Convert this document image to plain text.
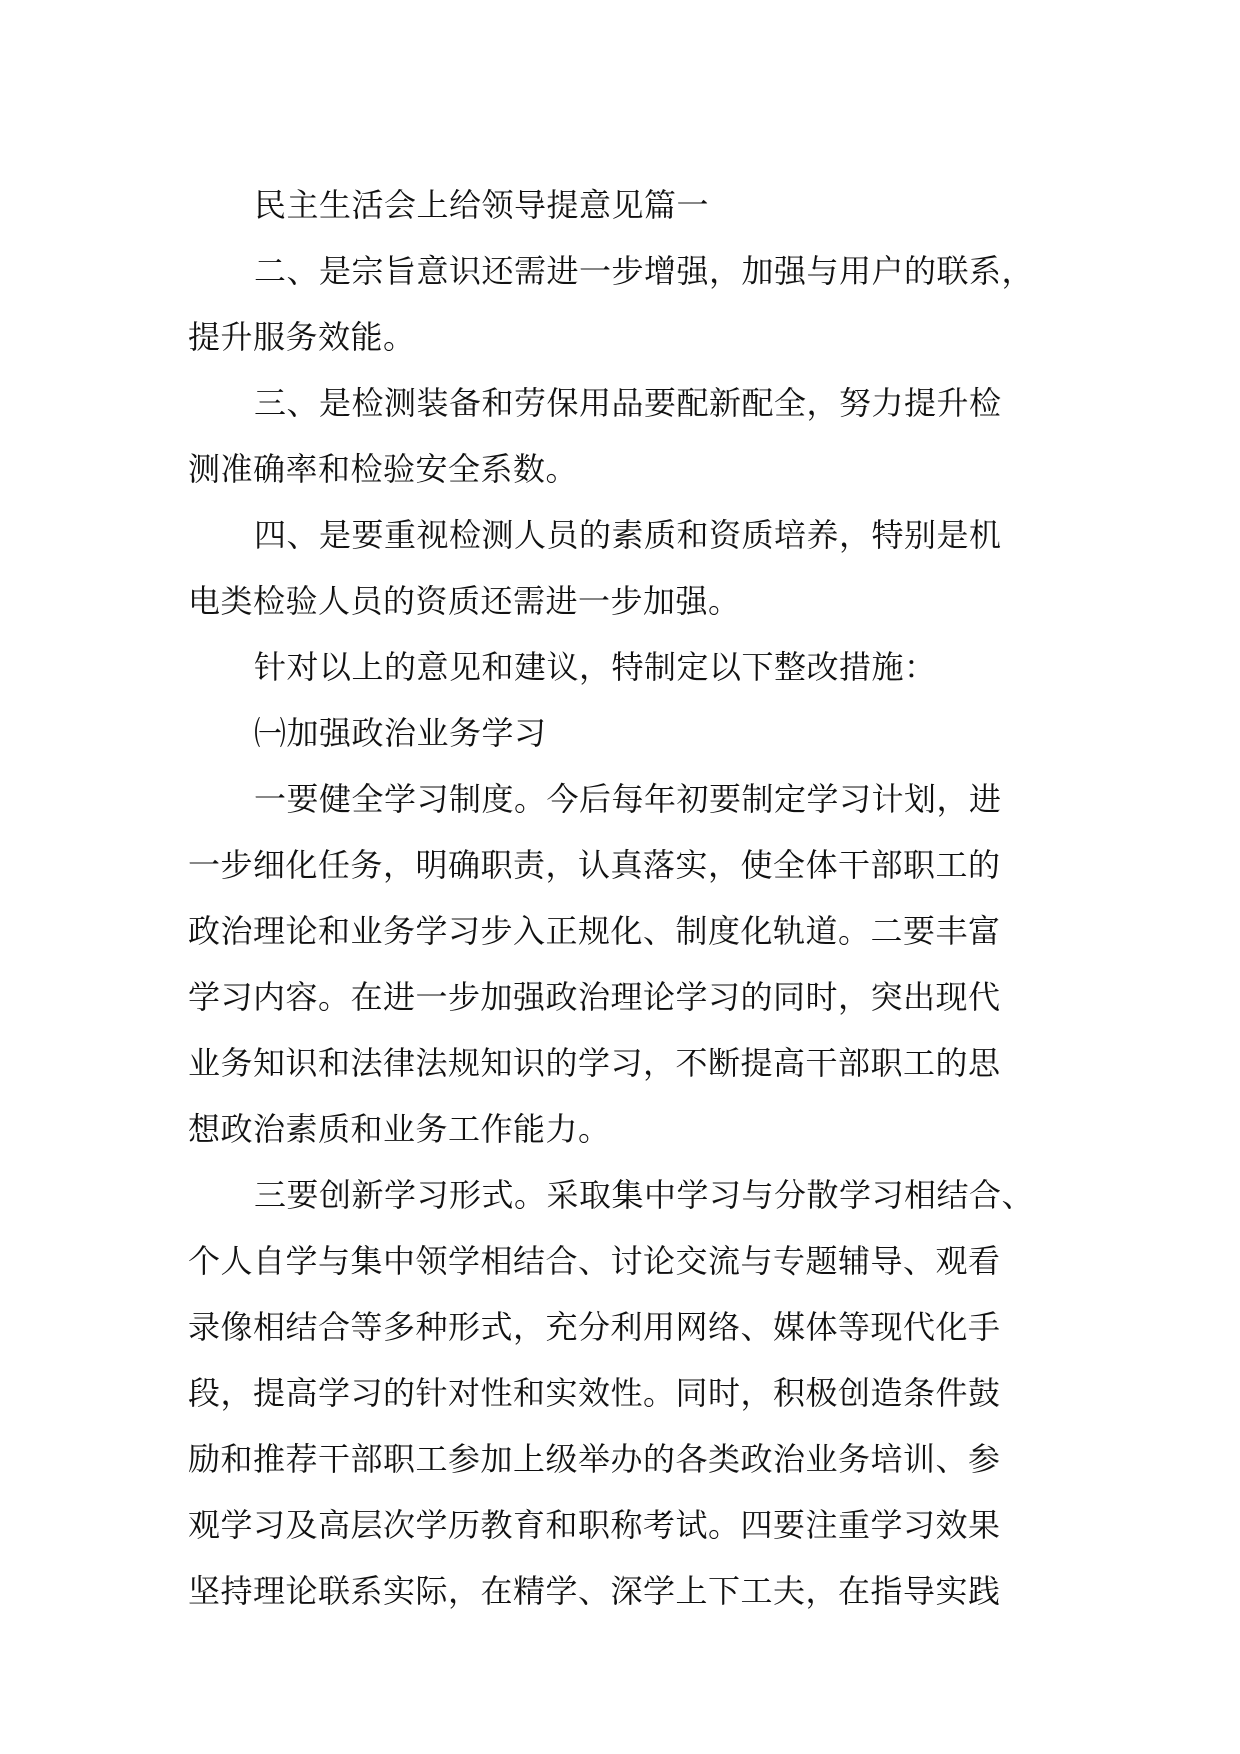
民主生活会上给领导提意见篇一
二、是宗旨意识还需进一步增强，加强与用户的联系，
提升服务效能。
三、是检测装备和劳保用品要配新配全，努力提升检
测准确率和检验安全系数。
四、是要重视检测人员的素质和资质培养，特别是机
电类检验人员的资质还需进一步加强。
针对以上的意见和建议，特制定以下整改措施：
㈠加强政治业务学习
一要健全学习制度。今后每年初要制定学习计划，进
一步细化任务，明确职责，认真落实，使全体干部职工的
政治理论和业务学习步入正规化、制度化轨道。二要丰富
学习内容。在进一步加强政治理论学习的同时，突出现代
业务知识和法律法规知识的学习，不断提高干部职工的思
想政治素质和业务工作能力。
三要创新学习形式。采取集中学习与分散学习相结合、
个人自学与集中领学相结合、讨论交流与专题辅导、观看
录像相结合等多种形式，充分利用网络、媒体等现代化手
段，提高学习的针对性和实效性。同时，积极创造条件鼓
励和推荐干部职工参加上级举办的各类政治业务培训、参
观学习及高层次学历教育和职称考试。四要注重学习效果
坚持理论联系实际，在精学、深学上下工夫，在指导实践
